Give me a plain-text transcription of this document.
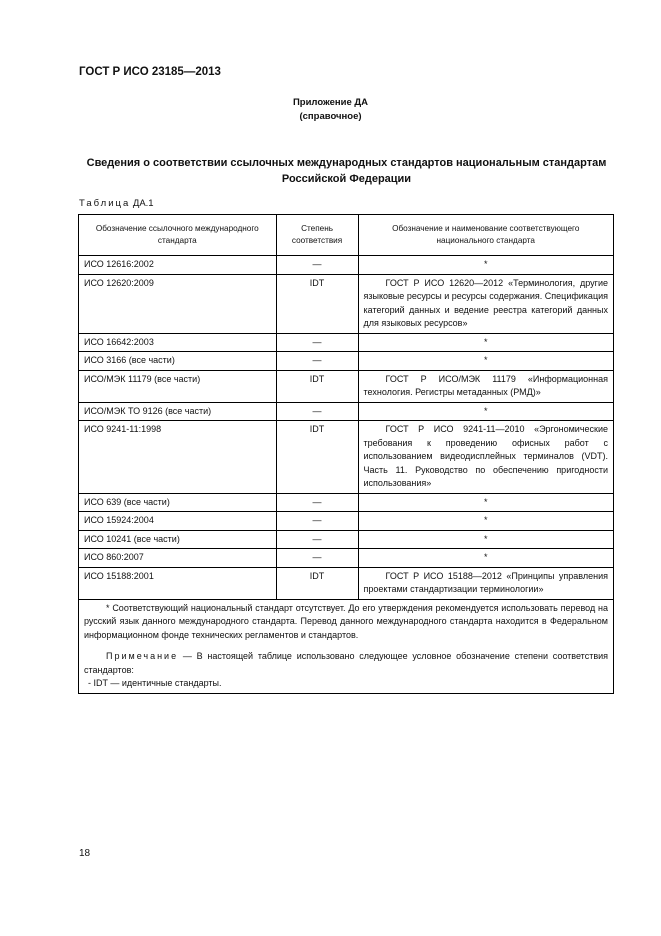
ГОСТ Р ИСО 23185—2013
Приложение ДА
(справочное)
Сведения о соответствии ссылочных международных стандартов национальным стандартам
Российской Федерации
Таблица ДА.1
Обозначение ссылочного международного стандарта	Степень соответствия	Обозначение и наименование соответствующего национального стандарта
ИСО 12616:2002	—	*
ИСО 12620:2009	IDT	ГОСТ Р ИСО 12620—2012 «Терминология, другие языковые ресурсы и ресурсы содержания. Спецификация категорий данных и ведение реестра категорий данных для языковых ресурсов»
ИСО 16642:2003	—	*
ИСО 3166 (все части)	—	*
ИСО/МЭК 11179 (все части)	IDT	ГОСТ Р ИСО/МЭК 11179 «Информационная технология. Регистры метаданных (РМД)»
ИСО/МЭК ТО 9126 (все части)	—	*
ИСО 9241-11:1998	IDT	ГОСТ Р ИСО 9241-11—2010 «Эргономические требования к проведению офисных работ с использованием видеодисплейных терминалов (VDT). Часть 11. Руководство по обеспечению пригодности использования»
ИСО 639 (все части)	—	*
ИСО 15924:2004	—	*
ИСО 10241 (все части)	—	*
ИСО 860:2007	—	*
ИСО 15188:2001	IDT	ГОСТ Р ИСО 15188—2012 «Принципы управления проектами стандартизации терминологии»

* Соответствующий национальный стандарт отсутствует. До его утверждения рекомендуется использовать перевод на русский язык данного международного стандарта. Перевод данного международного стандарта находится в Федеральном информационном фонде технических регламентов и стандартов.

Примечание — В настоящей таблице использовано следующее условное обозначение степени соответствия стандартов:

- IDT — идентичные стандарты.		

18
